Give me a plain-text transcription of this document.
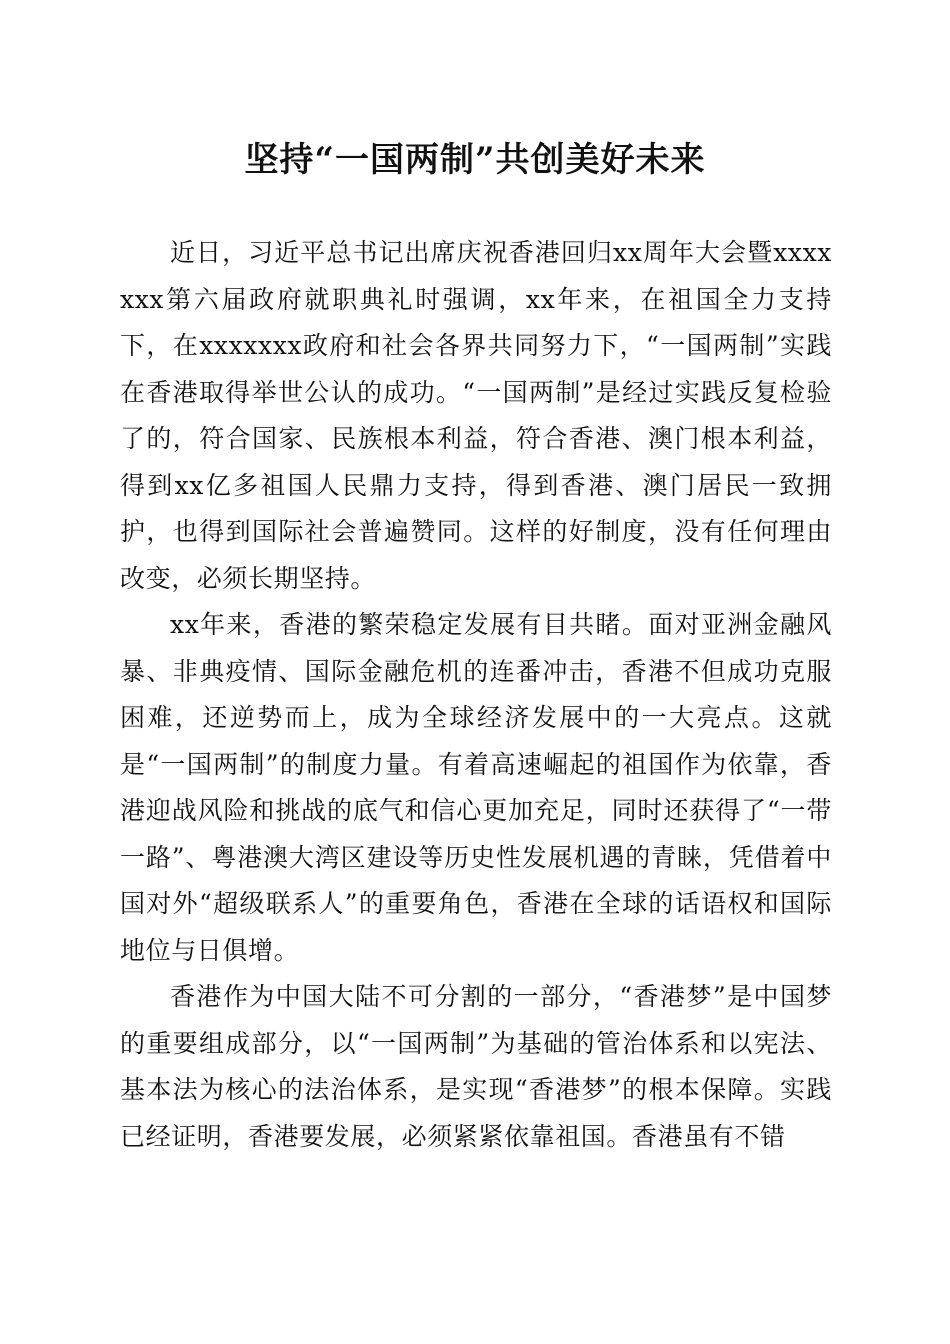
坚持“一国两制”共创美好未来

近日，习近平总书记出席庆祝香港回归xx周年大会暨xxxxxxx第六届政府就职典礼时强调，xx年来，在祖国全力支持下，在xxxxxxx政府和社会各界共同努力下，“一国两制”实践在香港取得举世公认的成功。“一国两制”是经过实践反复检验了的，符合国家、民族根本利益，符合香港、澳门根本利益，得到xx亿多祖国人民鼎力支持，得到香港、澳门居民一致拥护，也得到国际社会普遍赞同。这样的好制度，没有任何理由改变，必须长期坚持。

xx年来，香港的繁荣稳定发展有目共睹。面对亚洲金融风暴、非典疫情、国际金融危机的连番冲击，香港不但成功克服困难，还逆势而上，成为全球经济发展中的一大亮点。这就是“一国两制”的制度力量。有着高速崛起的祖国作为依靠，香港迎战风险和挑战的底气和信心更加充足，同时还获得了“一带一路”、粤港澳大湾区建设等历史性发展机遇的青睐，凭借着中国对外“超级联系人”的重要角色，香港在全球的话语权和国际地位与日俱增。

香港作为中国大陆不可分割的一部分，“香港梦”是中国梦的重要组成部分，以“一国两制”为基础的管治体系和以宪法、基本法为核心的法治体系，是实现“香港梦”的根本保障。实践已经证明，香港要发展，必须紧紧依靠祖国。香港虽有不错
